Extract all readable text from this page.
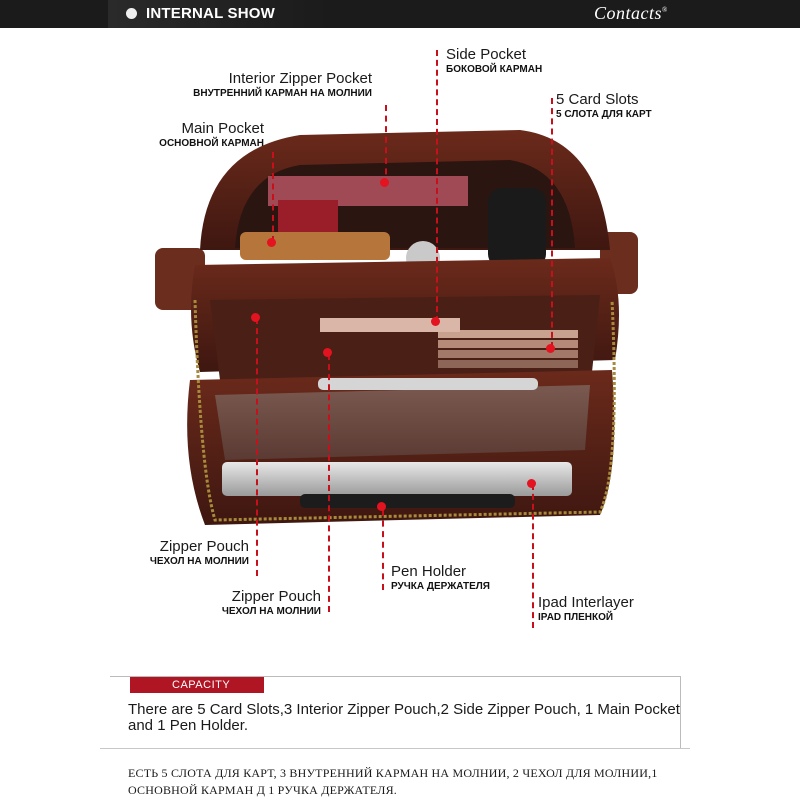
INTERNAL SHOW	Contacts®
Interior Zipper Pocket
ВНУТРЕННИЙ КАРМАН НА МОЛНИИ
Side Pocket
БОКОВОЙ КАРМАН
Main Pocket
ОСНОВНОЙ КАРМАН
5 Card Slots
5 СЛОТА ДЛЯ КАРТ
Zipper Pouch
ЧЕХОЛ НА МОЛНИИ
Zipper Pouch
ЧЕХОЛ НА МОЛНИИ
Pen Holder
РУЧКА ДЕРЖАТЕЛЯ
Ipad Interlayer
IPAD ПЛЕНКОЙ
CAPACITY
There are 5 Card Slots,3 Interior Zipper Pouch,2 Side Zipper Pouch, 1 Main Pocket and 1 Pen Holder.
ЕСТЬ 5 СЛОТА ДЛЯ КАРТ, 3 ВНУТРЕННИЙ КАРМАН НА МОЛНИИ, 2 ЧЕХОЛ ДЛЯ МОЛНИИ,1 ОСНОВНОЙ КАРМАН Д 1 РУЧКА ДЕРЖАТЕЛЯ.
